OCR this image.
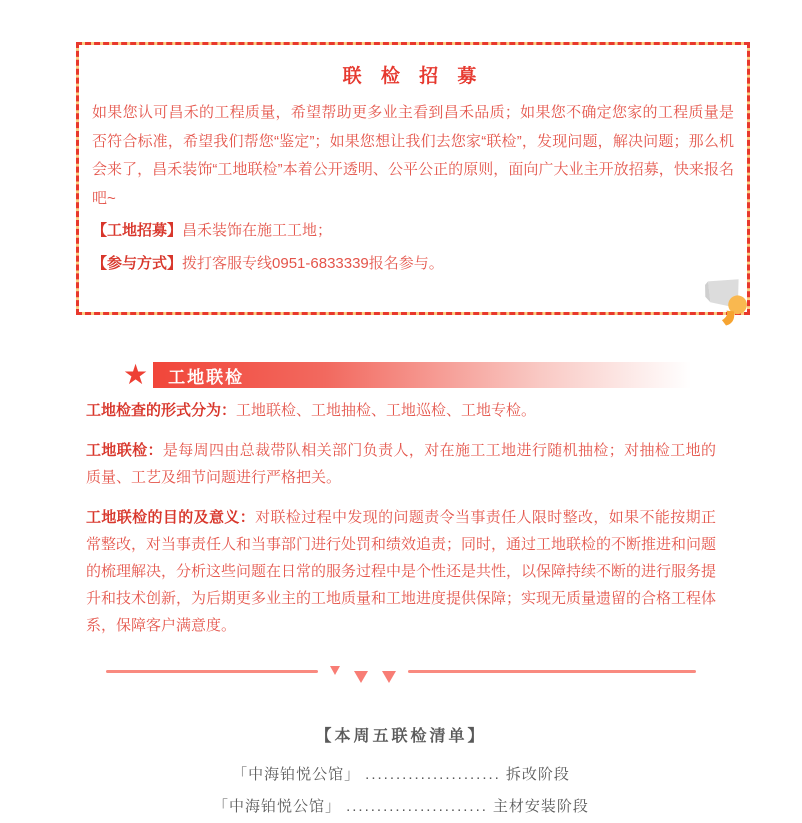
联 检 招 募

如果您认可昌禾的工程质量，希望帮助更多业主看到昌禾品质；如果您不确定您家的工程质量是否符合标准，希望我们帮您“鉴定”；如果您想让我们去您家“联检”，发现问题，解决问题；那么机会来了，昌禾装饰“工地联检”本着公开透明、公平公正的原则，面向广大业主开放招募，快来报名吧~

【工地招募】昌禾装饰在施工工地；

【参与方式】拨打客服专线0951-6833339报名参与。

★ 工地联检

工地检查的形式分为：工地联检、工地抽检、工地巡检、工地专检。

工地联检：是每周四由总裁带队相关部门负责人，对在施工工地进行随机抽检；对抽检工地的质量、工艺及细节问题进行严格把关。

工地联检的目的及意义：对联检过程中发现的问题责令当事责任人限时整改，如果不能按期正常整改，对当事责任人和当事部门进行处罚和绩效追责；同时，通过工地联检的不断推进和问题的梳理解决，分析这些问题在日常的服务过程中是个性还是共性，以保障持续不断的进行服务提升和技术创新，为后期更多业主的工地质量和工地进度提供保障；实现无质量遗留的合格工程体系，保障客户满意度。

【本周五联检清单】
「中海铂悦公馆」 ...................... 拆改阶段
「中海铂悦公馆」 ....................... 主材安装阶段
